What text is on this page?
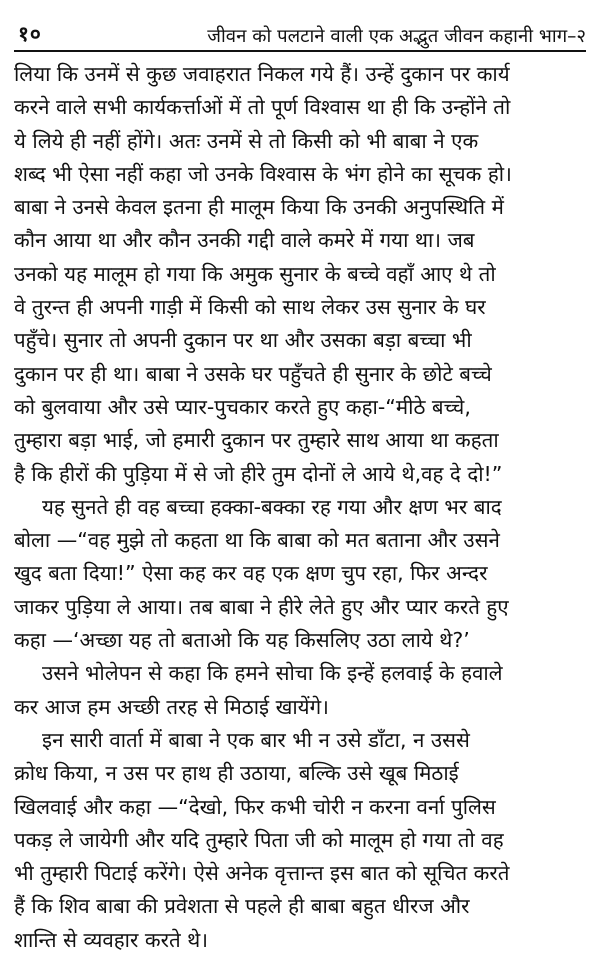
१०	जीवन को पलटाने वाली एक अद्भुत जीवन कहानी भाग–२
लिया कि उनमें से कुछ जवाहरात निकल गये हैं। उन्हें दुकान पर कार्य
करने वाले सभी कार्यकर्त्ताओं में तो पूर्ण विश्वास था ही कि उन्होंने तो
ये लिये ही नहीं होंगे। अतः उनमें से तो किसी को भी बाबा ने एक
शब्द भी ऐसा नहीं कहा जो उनके विश्वास के भंग होने का सूचक हो।
बाबा ने उनसे केवल इतना ही मालूम किया कि उनकी अनुपस्थिति में
कौन आया था और कौन उनकी गद्दी वाले कमरे में गया था। जब
उनको यह मालूम हो गया कि अमुक सुनार के बच्चे वहाँ आए थे तो
वे तुरन्त ही अपनी गाड़ी में किसी को साथ लेकर उस सुनार के घर
पहुँचे। सुनार तो अपनी दुकान पर था और उसका बड़ा बच्चा भी
दुकान पर ही था। बाबा ने उसके घर पहुँचते ही सुनार के छोटे बच्चे
को बुलवाया और उसे प्यार-पुचकार करते हुए कहा-“मीठे बच्चे,
तुम्हारा बड़ा भाई, जो हमारी दुकान पर तुम्हारे साथ आया था कहता
है कि हीरों की पुड़िया में से जो हीरे तुम दोनों ले आये थे,वह दे दो!”
यह सुनते ही वह बच्चा हक्का-बक्का रह गया और क्षण भर बाद
बोला —“वह मुझे तो कहता था कि बाबा को मत बताना और उसने
खुद बता दिया!” ऐसा कह कर वह एक क्षण चुप रहा, फिर अन्दर
जाकर पुड़िया ले आया। तब बाबा ने हीरे लेते हुए और प्यार करते हुए
कहा —‘अच्छा यह तो बताओ कि यह किसलिए उठा लाये थे?’
उसने भोलेपन से कहा कि हमने सोचा कि इन्हें हलवाई के हवाले
कर आज हम अच्छी तरह से मिठाई खायेंगे।
इन सारी वार्ता में बाबा ने एक बार भी न उसे डाँटा, न उससे
क्रोध किया, न उस पर हाथ ही उठाया, बल्कि उसे खूब मिठाई
खिलवाई और कहा —“देखो, फिर कभी चोरी न करना वर्ना पुलिस
पकड़ ले जायेगी और यदि तुम्हारे पिता जी को मालूम हो गया तो वह
भी तुम्हारी पिटाई करेंगे। ऐसे अनेक वृत्तान्त इस बात को सूचित करते
हैं कि शिव बाबा की प्रवेशता से पहले ही बाबा बहुत धीरज और
शान्ति से व्यवहार करते थे।
